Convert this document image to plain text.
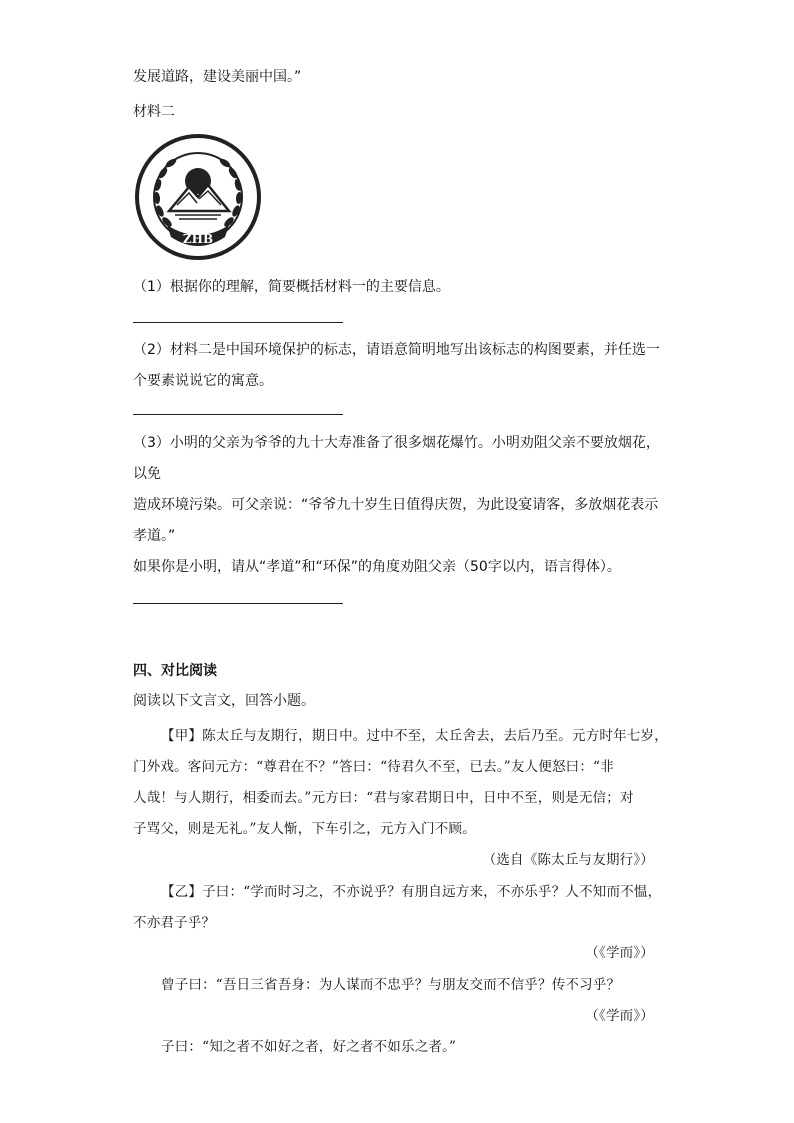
发展道路，建设美丽中国。”
材料二
ZHB
（1）根据你的理解，简要概括材料一的主要信息。
（2）材料二是中国环境保护的标志，请语意简明地写出该标志的构图要素，并任选一
个要素说说它的寓意。
（3）小明的父亲为爷爷的九十大寿准备了很多烟花爆竹。小明劝阻父亲不要放烟花，
以免
造成环境污染。可父亲说：“爷爷九十岁生日值得庆贺，为此设宴请客，多放烟花表示
孝道。”
如果你是小明，请从“孝道”和“环保”的角度劝阻父亲（50字以内，语言得体）。
四、对比阅读
阅读以下文言文，回答小题。
【甲】陈太丘与友期行，期日中。过中不至，太丘舍去，去后乃至。元方时年七岁，
门外戏。客问元方：“尊君在不？”答曰：“待君久不至，已去。”友人便怒曰：“非
人哉！与人期行，相委而去。”元方曰：“君与家君期日中，日中不至，则是无信；对
子骂父，则是无礼。”友人惭，下车引之，元方入门不顾。
（选自《陈太丘与友期行》）
【乙】子曰：“学而时习之，不亦说乎？有朋自远方来，不亦乐乎？人不知而不愠，
不亦君子乎？
（《学而》）
曾子曰：“吾日三省吾身：为人谋而不忠乎？与朋友交而不信乎？传不习乎？
（《学而》）
子曰：“知之者不如好之者，好之者不如乐之者。”
